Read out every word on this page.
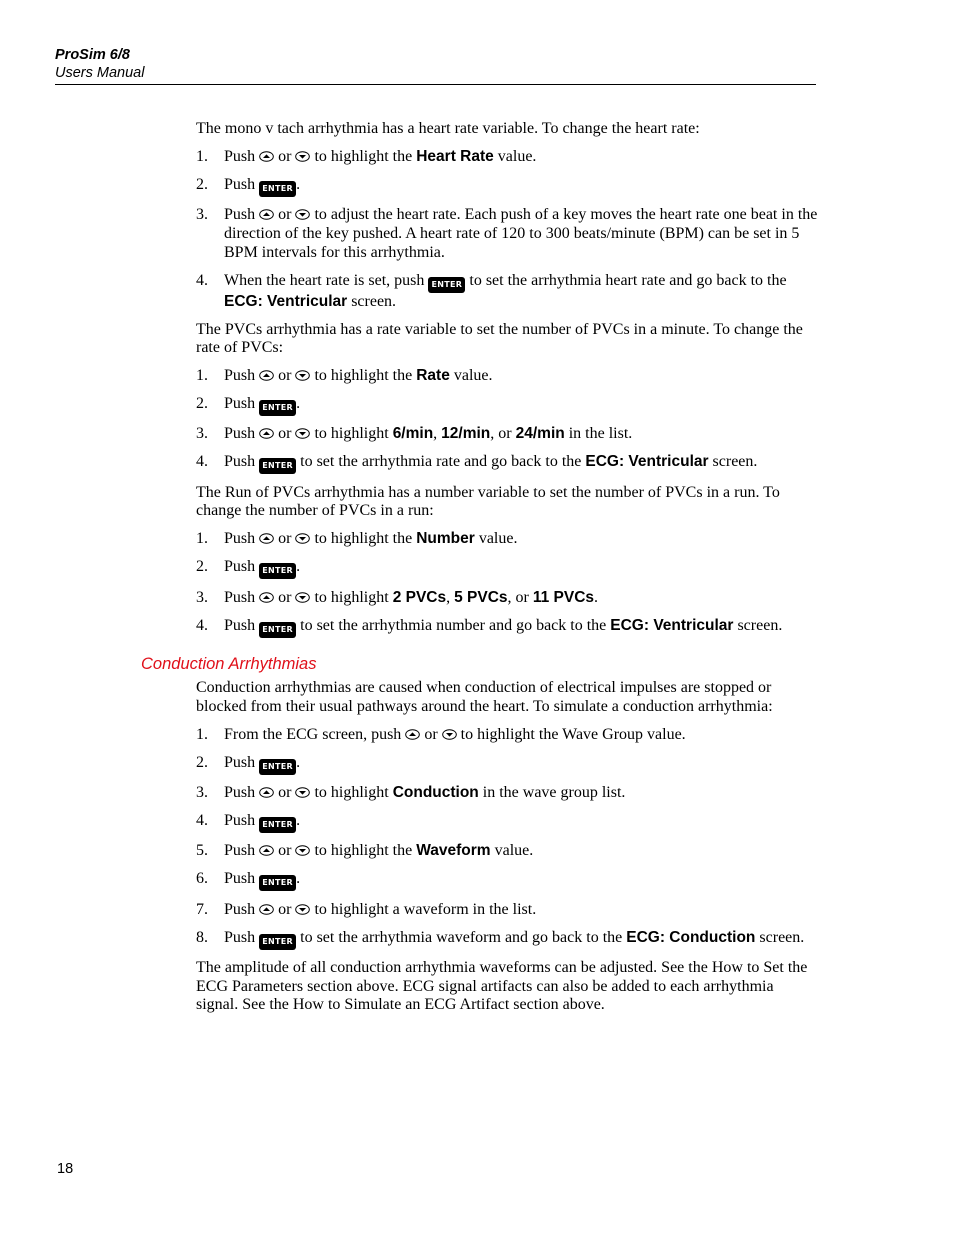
ProSim 6/8
Users Manual

The mono v tach arrhythmia has a heart rate variable. To change the heart rate:

1. Push or to highlight the Heart Rate value.
2. Push ENTER .
3. Push or to adjust the heart rate. Each push of a key moves the heart rate one beat in the direction of the key pushed. A heart rate of 120 to 300 beats/minute (BPM) can be set in 5 BPM intervals for this arrhythmia.
4. When the heart rate is set, push ENTER to set the arrhythmia heart rate and go back to the ECG: Ventricular screen.

The PVCs arrhythmia has a rate variable to set the number of PVCs in a minute. To change the rate of PVCs:

1. Push or to highlight the Rate value.
2. Push ENTER .
3. Push or to highlight 6/min, 12/min, or 24/min in the list.
4. Push ENTER to set the arrhythmia rate and go back to the ECG: Ventricular screen.

The Run of PVCs arrhythmia has a number variable to set the number of PVCs in a run. To change the number of PVCs in a run:

1. Push or to highlight the Number value.
2. Push ENTER .
3. Push or to highlight 2 PVCs, 5 PVCs, or 11 PVCs.
4. Push ENTER to set the arrhythmia number and go back to the ECG: Ventricular screen.
Conduction Arrhythmias

Conduction arrhythmias are caused when conduction of electrical impulses are stopped or blocked from their usual pathways around the heart. To simulate a conduction arrhythmia:

1. From the ECG screen, push or to highlight the Wave Group value.
2. Push ENTER .
3. Push or to highlight Conduction in the wave group list.
4. Push ENTER .
5. Push or to highlight the Waveform value.
6. Push ENTER .
7. Push or to highlight a waveform in the list.
8. Push ENTER to set the arrhythmia waveform and go back to the ECG: Conduction screen.

The amplitude of all conduction arrhythmia waveforms can be adjusted. See the How to Set the ECG Parameters section above. ECG signal artifacts can also be added to each arrhythmia signal. See the How to Simulate an ECG Artifact section above.

18
